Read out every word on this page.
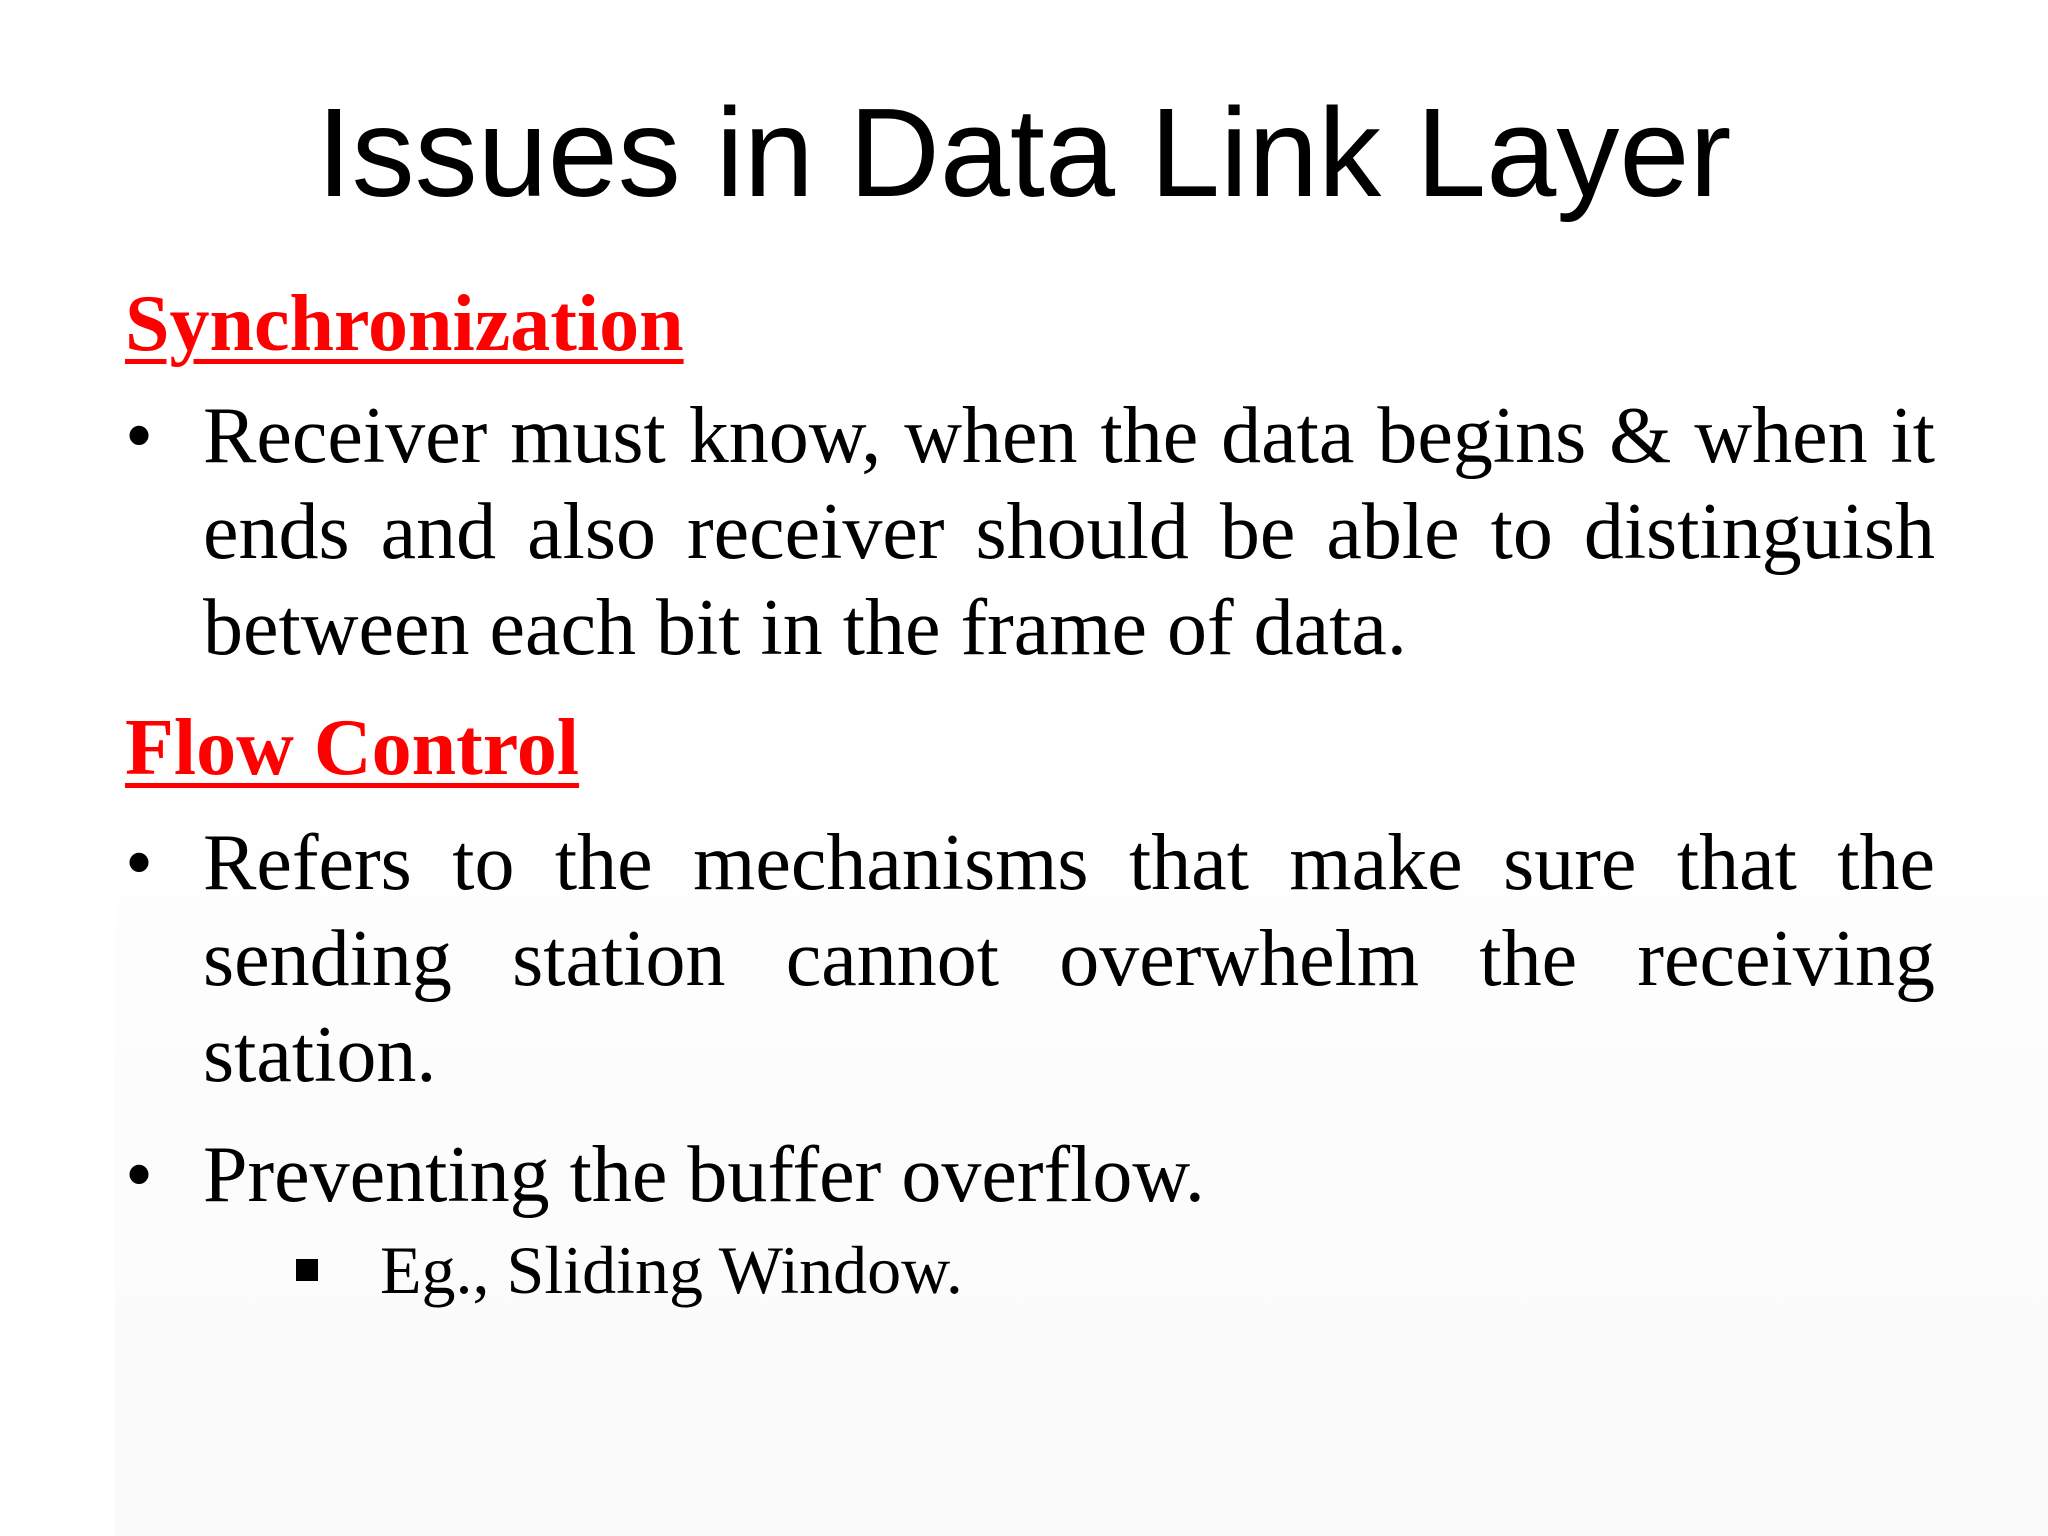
Issues in Data Link Layer
Synchronization
• Receiver must know, when the data begins & when it ends and also receiver should be able to distinguish between each bit in the frame of data.

Flow Control
• Refers to the mechanisms that make sure that the sending station cannot overwhelm the receiving station.

• Preventing the buffer overflow.

Eg., Sliding Window.
